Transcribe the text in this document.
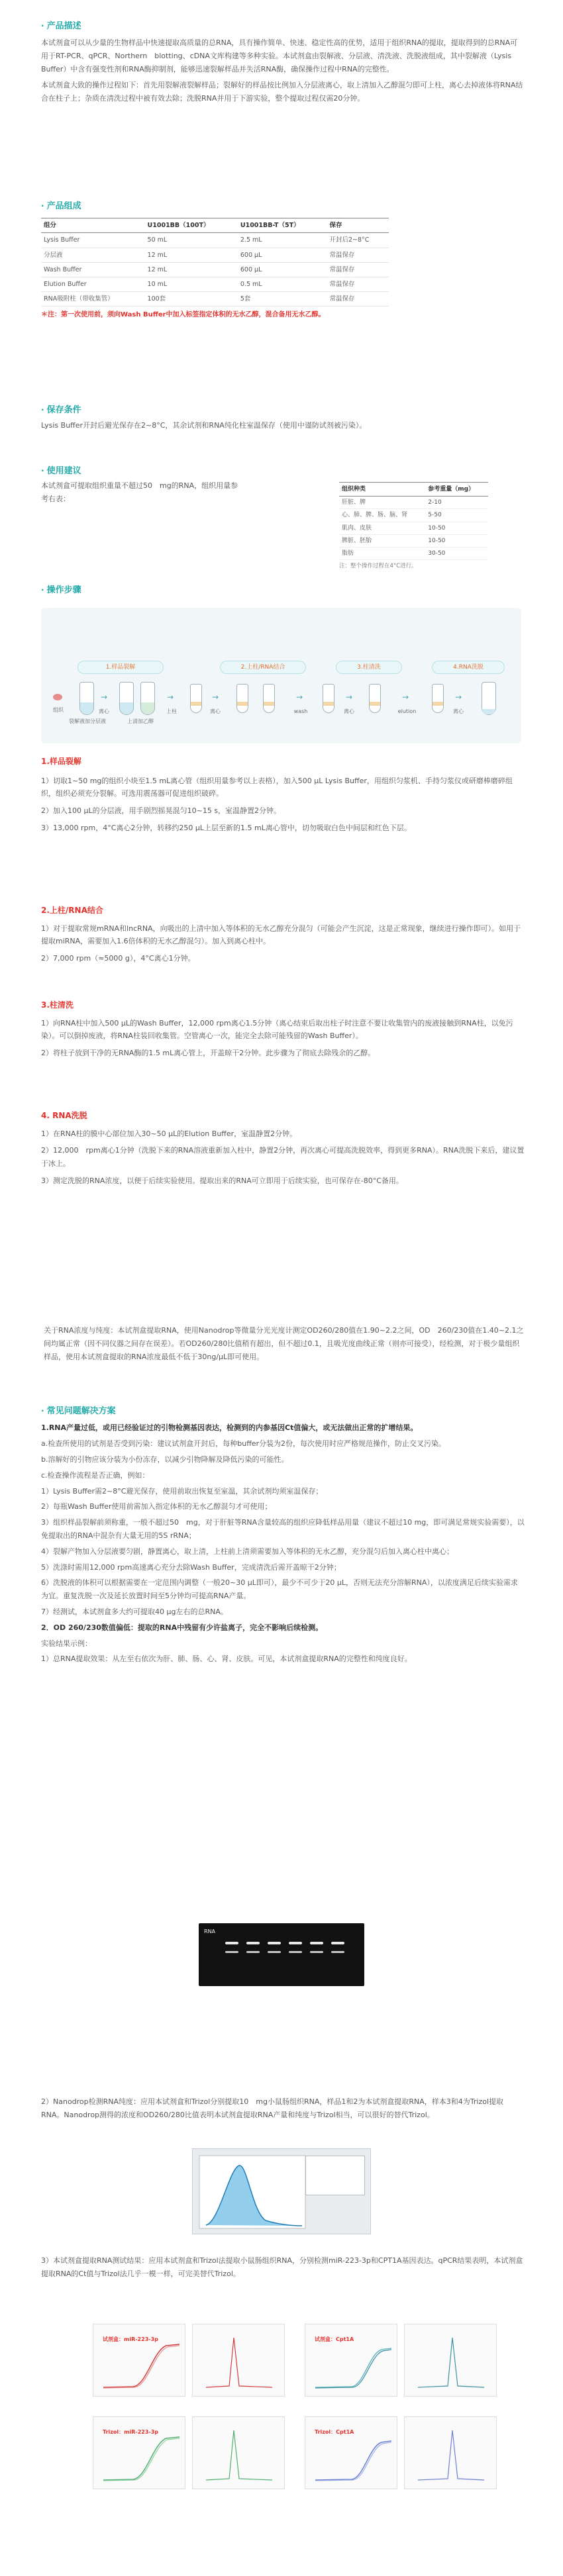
· 产品描述
本试剂盒可以从少量的生物样品中快速提取高质量的总RNA，具有操作简单、快速、稳定性高的优势，适用于组织RNA的提取，提取得到的总RNA可用于RT-PCR、qPCR、Northern　blotting、cDNA文库构建等多种实验。本试剂盒由裂解液、分层液、清洗液、洗脱液组成，其中裂解液（Lysis　Buffer）中含有强变性剂和RNA酶抑制剂，能够迅速裂解样品并失活RNA酶，确保操作过程中RNA的完整性。
本试剂盒大致的操作过程如下：首先用裂解液裂解样品；裂解好的样品按比例加入分层液离心，取上清加入乙醇混匀即可上柱，离心去掉液体将RNA结合在柱子上；杂质在清洗过程中被有效去除；洗脱RNA并用于下游实验，整个提取过程仅需20分钟。
· 产品组成
组分	U1001BB（100T）	U1001BB-T（5T）	保存
Lysis Buffer	50 mL	2.5 mL	开封后2~8°C
分层液	12 mL	600 μL	常温保存
Wash Buffer	12 mL	600 μL	常温保存
Elution Buffer	10 mL	0.5 mL	常温保存
RNA吸附柱（带收集管）	100套	5套	常温保存
＊注：第一次使用前，须向Wash Buffer中加入标签指定体积的无水乙醇，混合备用无水乙醇。
· 保存条件
Lysis Buffer开封后避光保存在2~8°C，其余试剂和RNA纯化柱室温保存（使用中谨防试剂被污染）。
· 使用建议
本试剂盒可提取组织重量不超过50　mg的RNA，组织用量参考右表：
组织种类	参考重量（mg）
肝脏、脾	2-10
心、肺、脾、肠、脑、肾	5-50
肌肉、皮肤	10-50
脾脏、胚胎	10-50
脂肪	30-50
注：整个操作过程在4°C进行。
· 操作步骤
1.样品裂解	2.上柱/RNA结合	3.柱清洗	4.RNA洗脱
组织
裂解液加分层液
→
离心
上清加乙醇
→
上柱
→
离心
→
wash
→
离心
→
elution
→
离心
1.样品裂解
1）切取1~50 mg的组织小块至1.5 mL离心管（组织用量参考以上表格），加入500 μL Lysis Buffer，用组织匀浆机、手持匀浆仪或研磨棒磨碎组织，组织必须充分裂解。可选用震荡器可促进组织破碎。
2）加入100 μL的分层液，用手剧烈摇晃混匀10~15 s，室温静置2分钟。
3）13,000 rpm，4°C离心2分钟，转移约250 μL上层至新的1.5 mL离心管中，切勿吸取白色中间层和红色下层。
2.上柱/RNA结合
1）对于提取常规mRNA和lncRNA，向吸出的上清中加入等体积的无水乙醇充分混匀（可能会产生沉淀，这是正常现象，继续进行操作即可）。如用于提取miRNA，需要加入1.6倍体积的无水乙醇混匀）。加入到离心柱中。
2）7,000 rpm（≈5000 g），4°C离心1分钟。
3.柱清洗
1）向RNA柱中加入500 μL的Wash Buffer，12,000 rpm离心1.5分钟（离心结束后取出柱子时注意不要让收集管内的废液接触到RNA柱，以免污染）。可以倒掉废液，将RNA柱装回收集管。空管离心一次，能完全去除可能残留的Wash Buffer）。
2）将柱子放到干净的无RNA酶的1.5 mL离心管上，开盖晾干2分钟。此步骤为了彻底去除残余的乙醇。
4. RNA洗脱
1）在RNA柱的膜中心部位加入30~50 μL的Elution Buffer，室温静置2分钟。
2）12,000　rpm离心1分钟（洗脱下来的RNA溶液重新加入柱中，静置2分钟，再次离心可提高洗脱效率，得到更多RNA）。RNA洗脱下来后，建议置于冰上。
3）测定洗脱的RNA浓度，以便于后续实验使用。提取出来的RNA可立即用于后续实验，也可保存在-80°C备用。
关于RNA浓度与纯度：本试剂盒提取RNA，使用Nanodrop等微量分光光度计测定OD260/280值在1.90~2.2之间，OD　260/230值在1.40~2.1之间均属正常（因不同仪器之间存在误差）。若OD260/280比值稍有超出，但不超过0.1，且吸光度曲线正常（则亦可接受），经检测，对于极少量组织样品，使用本试剂盒提取的RNA浓度最低不低于30ng/μL即可使用。
· 常见问题解决方案
1.RNA产量过低，或用已经验证过的引物检测基因表达，检测到的内参基因Ct值偏大，或无法做出正常的扩增结果。
a.检查所使用的试剂是否受到污染：建议试剂盒开封后，每种buffer分装为2份，每次使用时应严格规范操作，防止交叉污染。
b.溶解好的引物应该分装为小份冻存，以减少引物降解及降低污染的可能性。
c.检查操作流程是否正确，例如：
1）Lysis Buffer需2~8°C避光保存，使用前取出恢复至室温，其余试剂均须室温保存；
2）每瓶Wash Buffer使用前需加入指定体积的无水乙醇混匀才可使用；
3）组织样品裂解前须称重，一般不超过50　mg，对于肝脏等RNA含量较高的组织应降低样品用量（建议不超过10 mg，即可满足常规实验需要），以免提取出的RNA中混杂有大量无用的5S rRNA；
4）裂解产物加入分层液要匀剧，静置离心，取上清，上柱前上清须需要加入等体积的无水乙醇，充分混匀后加入离心柱中离心；
5）洗涤时需用12,000 rpm高速离心充分去除Wash Buffer，完成清洗后需开盖晾干2分钟；
6）洗脱液的体积可以根据需要在一定范围内调整（一般20~30 μL即可），最少不可少于20 μL，否则无法充分溶解RNA），以浓度满足后续实验需求为宜。重复洗脱一次及延长放置时间至5分钟均可提高RNA产量。
7）经测试，本试剂盒多大约可提取40 μg左右的总RNA。
2．OD 260/230数值偏低：提取的RNA中残留有少许盐离子，完全不影响后续检测。
实验结果示例：
1）总RNA提取效果：从左至右依次为肝、肺、肠、心、肾、皮肤。可见，本试剂盒提取RNA的完整性和纯度良好。
RNA
2）Nanodrop检测RNA纯度：应用本试剂盒和Trizol分别提取10　mg小鼠肠组织RNA，样品1和2为本试剂盒提取RNA，样本3和4为Trizol提取RNA。Nanodrop测得的浓度和OD260/280比值表明本试剂盒提取RNA产量和纯度与Trizol相当，可以很好的替代Trizol。
3）本试剂盒提取RNA测试结果：应用本试剂盒和Trizol法提取小鼠肠组织RNA，分别检测miR-223-3p和CPT1A基因表达。qPCR结果表明，本试剂盒提取RNA的Ct值与Trizol法几乎一模一样，可完美替代Trizol。
试剂盒：miR-223-3p	试剂盒：Cpt1A
Trizol：miR-223-3p	Trizol：Cpt1A
